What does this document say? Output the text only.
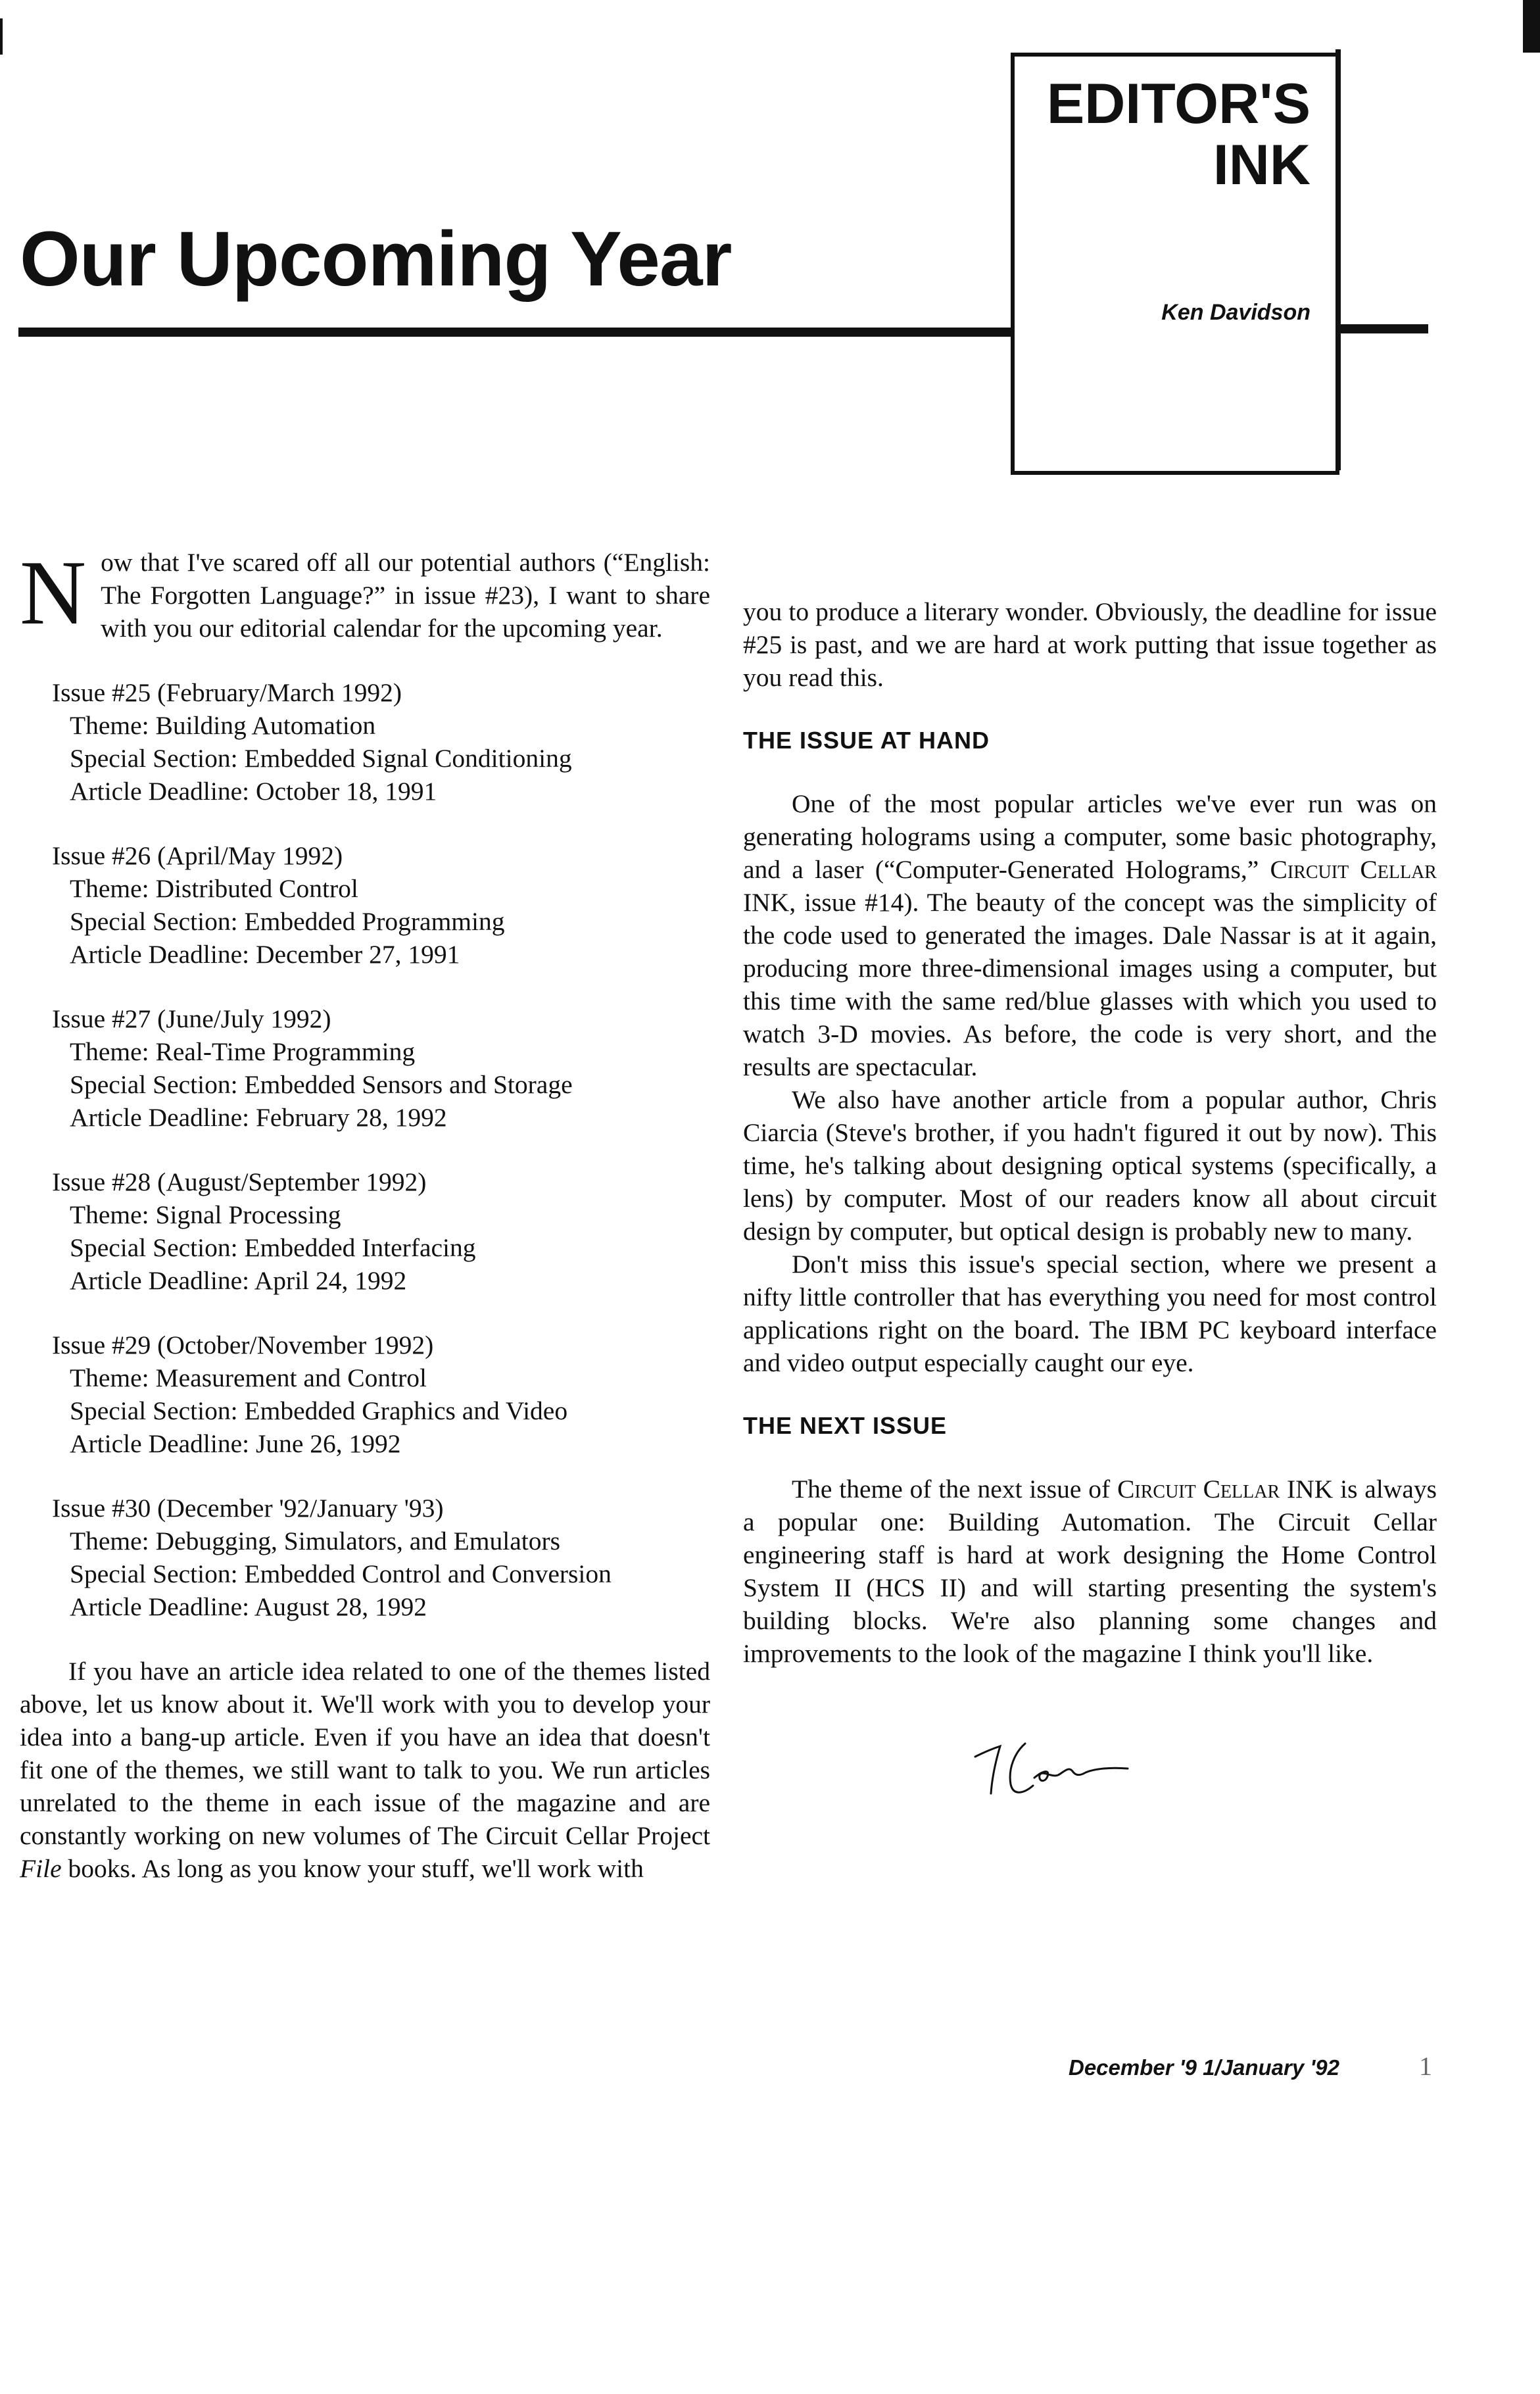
Our Upcoming Year
EDITOR'S
INK
Ken Davidson

Now that I've scared off all our potential authors (“English: The Forgotten Language?” in issue #23), I want to share with you our editorial calendar for the upcoming year.

Issue #25 (February/March 1992)
Theme: Building Automation
Special Section: Embedded Signal Conditioning
Article Deadline: October 18, 1991
Issue #26 (April/May 1992)
Theme: Distributed Control
Special Section: Embedded Programming
Article Deadline: December 27, 1991
Issue #27 (June/July 1992)
Theme: Real-Time Programming
Special Section: Embedded Sensors and Storage
Article Deadline: February 28, 1992
Issue #28 (August/September 1992)
Theme: Signal Processing
Special Section: Embedded Interfacing
Article Deadline: April 24, 1992
Issue #29 (October/November 1992)
Theme: Measurement and Control
Special Section: Embedded Graphics and Video
Article Deadline: June 26, 1992
Issue #30 (December '92/January '93)
Theme: Debugging, Simulators, and Emulators
Special Section: Embedded Control and Conversion
Article Deadline: August 28, 1992

If you have an article idea related to one of the themes listed above, let us know about it. We'll work with you to develop your idea into a bang-up article. Even if you have an idea that doesn't fit one of the themes, we still want to talk to you. We run articles unrelated to the theme in each issue of the magazine and are constantly working on new volumes of The Circuit Cellar Project File books. As long as you know your stuff, we'll work with

you to produce a literary wonder. Obviously, the deadline for issue #25 is past, and we are hard at work putting that issue together as you read this.

THE ISSUE AT HAND

One of the most popular articles we've ever run was on generating holograms using a computer, some basic photography, and a laser (“Computer-Generated Holograms,” Circuit Cellar INK, issue #14). The beauty of the concept was the simplicity of the code used to generated the images. Dale Nassar is at it again, producing more three-dimensional images using a computer, but this time with the same red/blue glasses with which you used to watch 3-D movies. As before, the code is very short, and the results are spectacular.

We also have another article from a popular author, Chris Ciarcia (Steve's brother, if you hadn't figured it out by now). This time, he's talking about designing optical systems (specifically, a lens) by computer. Most of our readers know all about circuit design by computer, but optical design is probably new to many.

Don't miss this issue's special section, where we present a nifty little controller that has everything you need for most control applications right on the board. The IBM PC keyboard interface and video output especially caught our eye.

THE NEXT ISSUE

The theme of the next issue of Circuit Cellar INK is always a popular one: Building Automation. The Circuit Cellar engineering staff is hard at work designing the Home Control System II (HCS II) and will starting presenting the system's building blocks. We're also planning some changes and improvements to the look of the magazine I think you'll like.

December '9 1/January '92	1
